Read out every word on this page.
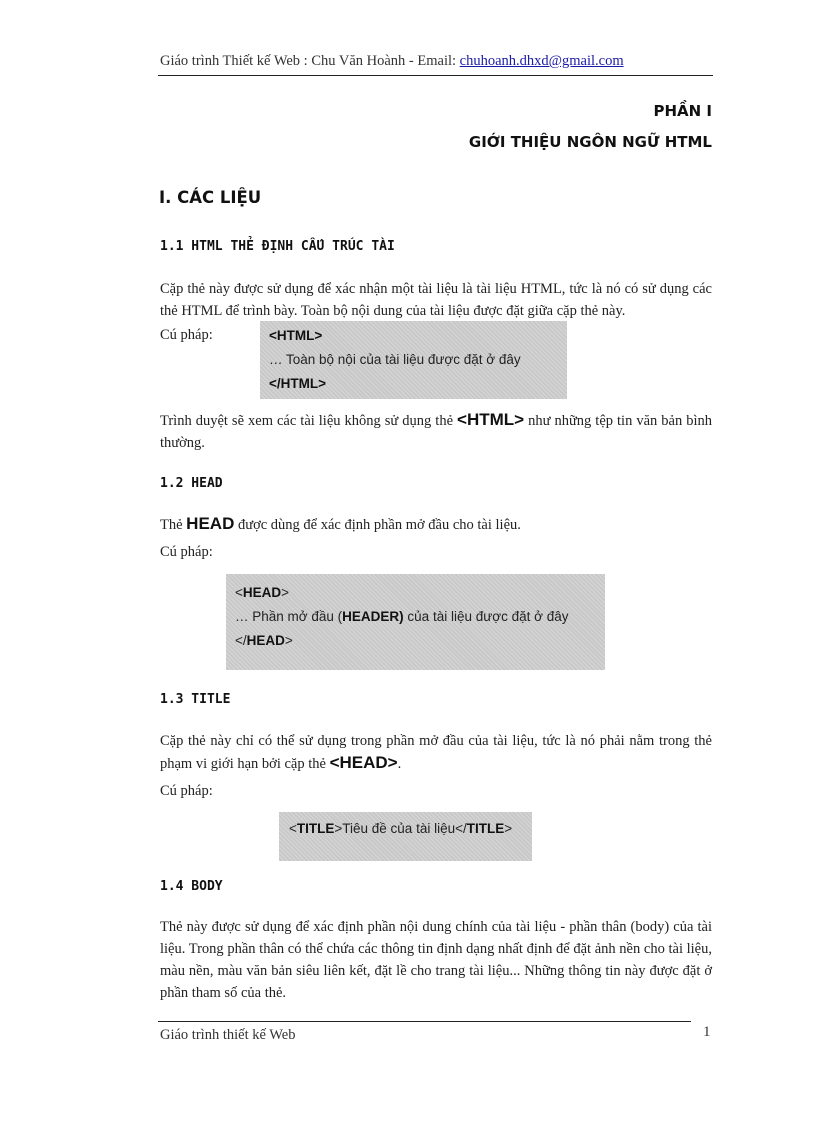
Giáo trình Thiết kế Web : Chu Văn Hoành - Email: chuhoanh.dhxd@gmail.com
PHẦN I
GIỚI THIỆU NGÔN NGỮ HTML
I. CÁC LIỆU
1.1 HTML THẺ ĐỊNH CẤU TRÚC TÀI
Cặp thẻ này được sử dụng để xác nhận một tài liệu là tài liệu HTML, tức là nó có sử dụng các thẻ HTML để trình bày. Toàn bộ nội dung của tài liệu được đặt giữa cặp thẻ này.
Cú pháp:	<HTML>
… Toàn bộ nội của tài liệu được đặt ở đây
</HTML>
Trình duyệt sẽ xem các tài liệu không sử dụng thẻ <HTML> như những tệp tin văn bản bình thường.
1.2 HEAD
Thẻ HEAD được dùng để xác định phần mở đầu cho tài liệu.
Cú pháp:
<HEAD>
… Phần mở đầu (HEADER) của tài liệu được đặt ở đây
</HEAD>
1.3 TITLE
Cặp thẻ này chỉ có thể sử dụng trong phần mở đầu của tài liệu, tức là nó phải nằm trong thẻ phạm vi giới hạn bởi cặp thẻ <HEAD>.
Cú pháp:
<TITLE>Tiêu đề của tài liệu</TITLE>
1.4 BODY
Thẻ này được sử dụng để xác định phần nội dung chính của tài liệu - phần thân (body) của tài liệu. Trong phần thân có thể chứa các thông tin định dạng nhất định để đặt ảnh nền cho tài liệu, màu nền, màu văn bản siêu liên kết, đặt lề cho trang tài liệu... Những thông tin này được đặt ở phần tham số của thẻ.
Giáo trình thiết kế Web	1
